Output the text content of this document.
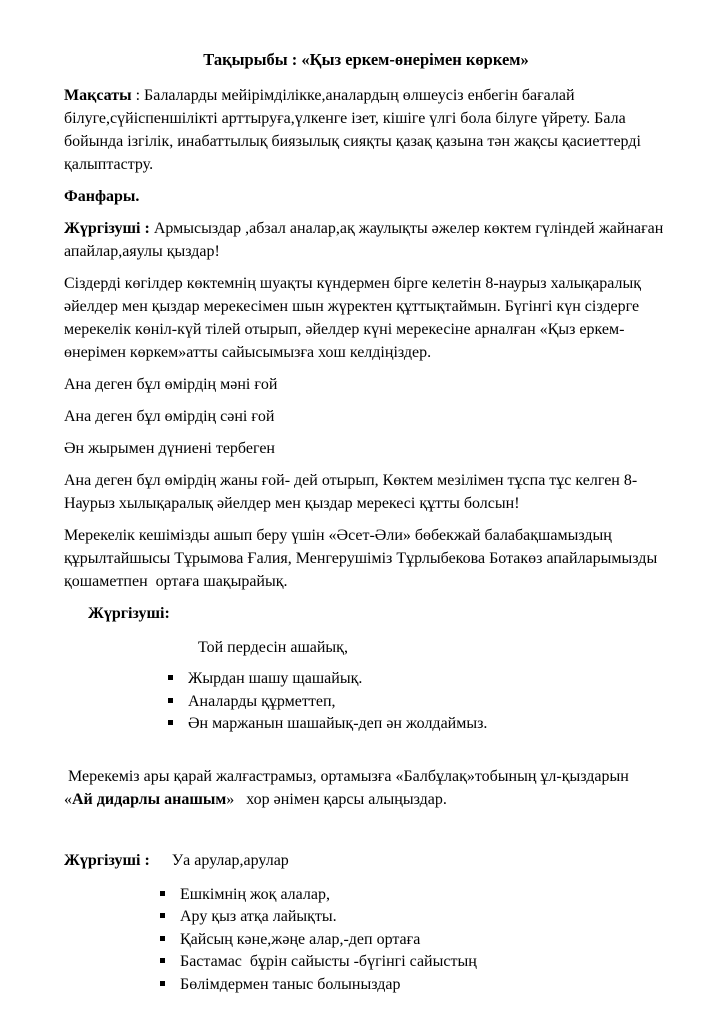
Тақырыбы : «Қыз еркем-өнерімен көркем»

Мақсаты : Балаларды мейірімділікке,аналардың өлшеусіз енбегін бағалай білуге,сүйіспеншілікті арттыруға,үлкенге ізет, кішіге үлгі бола білуге үйрету. Бала бойында ізгілік, инабаттылық биязылық сияқты қазақ қазына тән жақсы қасиеттерді қалыптастру.

Фанфары.

Жүргізуші : Армысыздар ,абзал аналар,ақ жаулықты әжелер көктем гүліндей жайнаған апайлар,аяулы қыздар!

Сіздерді көгілдер көктемнің шуақты күндермен бірге келетін 8-наурыз халықаралық әйелдер мен қыздар мерекесімен шын жүректен құттықтаймын. Бүгінгі күн сіздерге мерекелік көніл-күй тілей отырып, әйелдер күні мерекесіне арналған «Қыз еркем-өнерімен көркем»атты сайысымызға хош келдіңіздер.

Ана деген бұл өмірдің мәні ғой

Ана деген бұл өмірдің сәні ғой

Ән жырымен дүниені тербеген

Ана деген бұл өмірдің жаны ғой- дей отырып, Көктем мезілімен тұспа тұс келген 8-Наурыз хылықаралық әйелдер мен қыздар мерекесі құтты болсын!

Мерекелік кешімізды ашып беру үшін «Әсет-Әли» бөбекжай балабақшамыздың құрылтайшысы Тұрымова Ғалия, Менгерушіміз Тұрлыбекова Ботакөз апайларымызды қошаметпен  ортаға шақырайық.

Жүргізуші:

Той пердесін ашайық,

Жырдан шашу щашайық.
Аналарды құрметтеп,
Ән маржанын шашайық-деп ән жолдаймыз.

Мерекеміз ары қарай жалғастрамыз, ортамызға «Балбұлақ»тобының ұл-қыздарын
«Ай дидарлы анашым»   хор әнімен қарсы алыңыздар.

Жүргізуші : Уа арулар,арулар

Ешкімнің жоқ алалар,
Ару қыз атқа лайықты.
Қайсың кәне,жәңе алар,-деп ортаға
Бастамас  бұрін сайысты -бүгінгі сайыстың
Бөлімдермен таныс болыныздар
